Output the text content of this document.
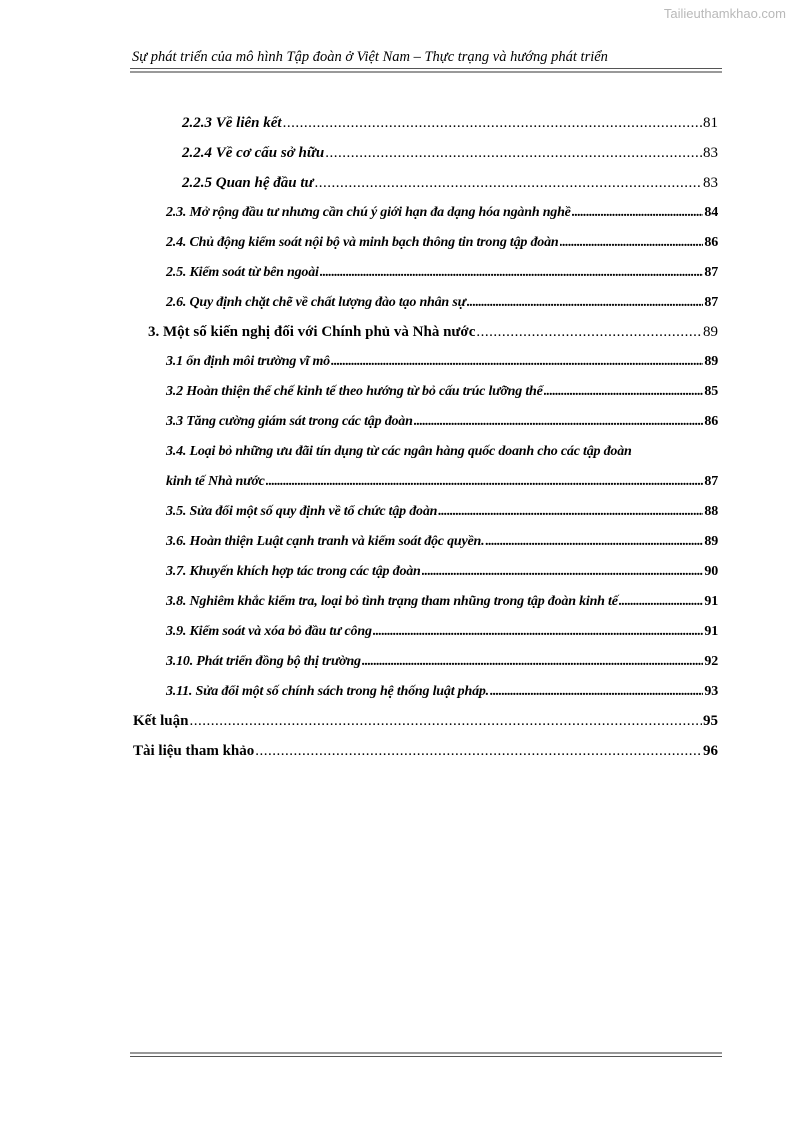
Tailieuthamkhao.com
Sự phát triển của mô hình Tập đoàn ở Việt Nam – Thực trạng và hướng phát triển
2.2.3 Về liên kết .....	81
2.2.4 Về cơ cấu sở hữu .....	83
2.2.5 Quan hệ đầu tư .....	83
2.3. Mở rộng đầu tư nhưng cần chú ý giới hạn đa dạng hóa ngành nghề .....	84
2.4. Chủ động kiểm soát nội bộ và minh bạch thông tin trong tập đoàn .....	86
2.5. Kiểm soát từ bên ngoài .....	87
2.6. Quy định chặt chẽ về chất lượng đào tạo nhân sự .....	87
3. Một số kiến nghị đối với Chính phủ và Nhà nước .....	89
3.1 ổn định môi trường vĩ mô .....	89
3.2 Hoàn thiện thể chế kinh tế theo hướng từ bỏ cấu trúc lưỡng thể .....	85
3.3 Tăng cường giám sát trong các tập đoàn .....	86
3.4. Loại bỏ những ưu đãi tín dụng từ các ngân hàng quốc doanh cho các tập đoàn
kinh tế Nhà nước .....	87
3.5. Sửa đổi một số quy định về tổ chức tập đoàn .....	88
3.6. Hoàn thiện Luật cạnh tranh và kiểm soát độc quyền. .....	89
3.7. Khuyến khích hợp tác trong các tập đoàn .....	90
3.8. Nghiêm khắc kiểm tra, loại bỏ tình trạng tham nhũng trong tập đoàn kinh tế .....	91
3.9. Kiểm soát và xóa bỏ đầu tư công .....	91
3.10. Phát triển đồng bộ thị trường .....	92
3.11. Sửa đổi một số chính sách trong hệ thống luật pháp. .....	93
Kết luận .....	95
Tài liệu tham khảo .....	96
